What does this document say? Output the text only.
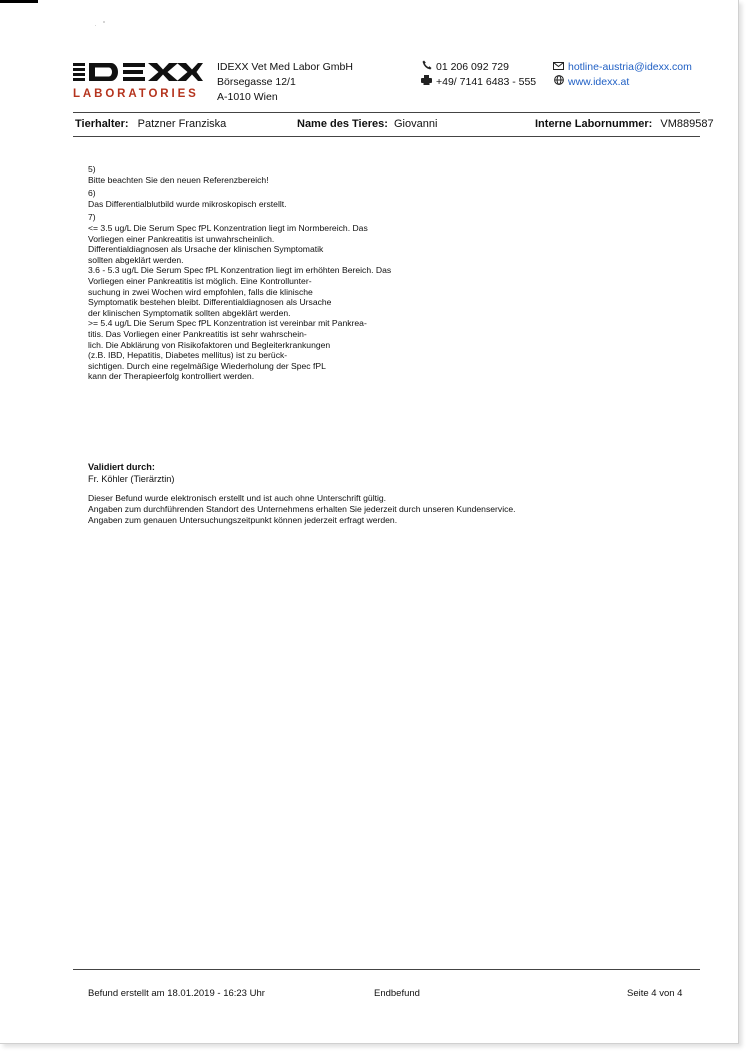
LABORATORIES
IDEXX Vet Med Labor GmbH
Börsegasse 12/1
A-1010 Wien
01 206 092 729
+49/ 7141 6483 - 555
hotline-austria@idexx.com
www.idexx.at
Tierhalter: Patzner Franziska	Name des Tieres: Giovanni	Interne Labornummer: VM889587
5)
Bitte beachten Sie den neuen Referenzbereich!
6)
Das Differentialblutbild wurde mikroskopisch erstellt.
7)
<= 3.5 ug/L Die Serum Spec fPL Konzentration liegt im Normbereich. Das
Vorliegen einer Pankreatitis ist unwahrscheinlich.
Differentialdiagnosen als Ursache der klinischen Symptomatik
sollten abgeklärt werden.
3.6 - 5.3 ug/L Die Serum Spec fPL Konzentration liegt im erhöhten Bereich. Das
Vorliegen einer Pankreatitis ist möglich. Eine Kontrollunter-
suchung in zwei Wochen wird empfohlen, falls die klinische
Symptomatik bestehen bleibt. Differentialdiagnosen als Ursache
der klinischen Symptomatik sollten abgeklärt werden.
>= 5.4 ug/L Die Serum Spec fPL Konzentration ist vereinbar mit Pankrea-
titis. Das Vorliegen einer Pankreatitis ist sehr wahrschein-
lich. Die Abklärung von Risikofaktoren und Begleiterkrankungen
(z.B. IBD, Hepatitis, Diabetes mellitus) ist zu berück-
sichtigen. Durch eine regelmäßige Wiederholung der Spec fPL
kann der Therapieerfolg kontrolliert werden.
Validiert durch:
Fr. Köhler (Tierärztin)
Dieser Befund wurde elektronisch erstellt und ist auch ohne Unterschrift gültig.
Angaben zum durchführenden Standort des Unternehmens erhalten Sie jederzeit durch unseren Kundenservice.
Angaben zum genauen Untersuchungszeitpunkt können jederzeit erfragt werden.
Befund erstellt am 18.01.2019 - 16:23 Uhr	Endbefund	Seite 4 von 4
